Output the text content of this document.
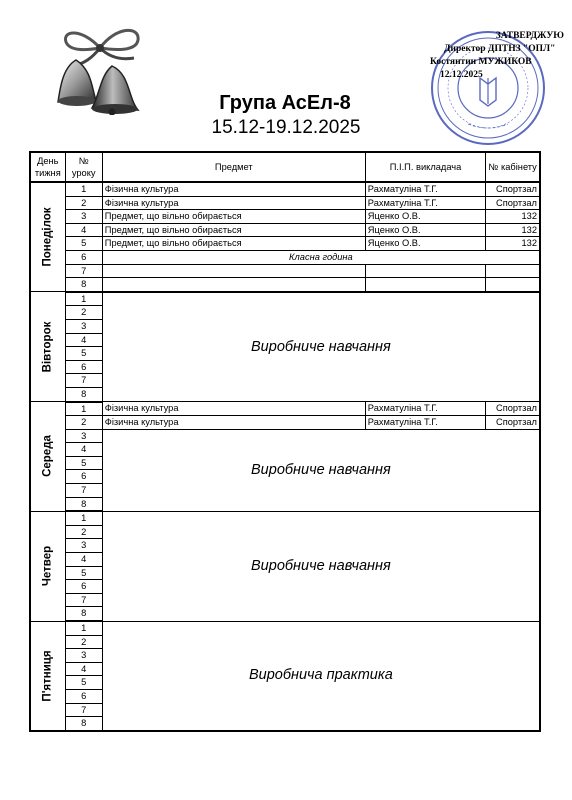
ЗАТВЕРДЖУЮ
Директор ДПТНЗ "ОПЛ"
Костянтин МУЖИКОВ
12.12.2025
Група АсЕл-8
15.12-19.12.2025
День тижня	№ уроку	Предмет	П.І.П. викладача	№ кабінету

Понеділок	1	Фізична культура	Рахматуліна Т.Г.	Спортзал
	2	Фізична культура	Рахматуліна Т.Г.	Спортзал
	3	Предмет, що вільно обирається	Яценко О.В.	132
	4	Предмет, що вільно обирається	Яценко О.В.	132
	5	Предмет, що вільно обирається	Яценко О.В.	132
	6	Класна година		
	7			
	8			

Вівторок	1	Виробниче навчання		
	2			
	3			
	4			
	5			
	6			
	7			
	8			

Середа	1	Фізична культура	Рахматуліна Т.Г.	Спортзал
	2	Фізична культура	Рахматуліна Т.Г.	Спортзал
	3	Виробниче навчання		
	4			
	5			
	6			
	7			
	8			

Четвер	1	Виробниче навчання		
	2			
	3			
	4			
	5			
	6			
	7			
	8			

П'ятниця	1	Виробнича практика		
	2			
	3			
	4			
	5			
	6			
	7			
	8			
